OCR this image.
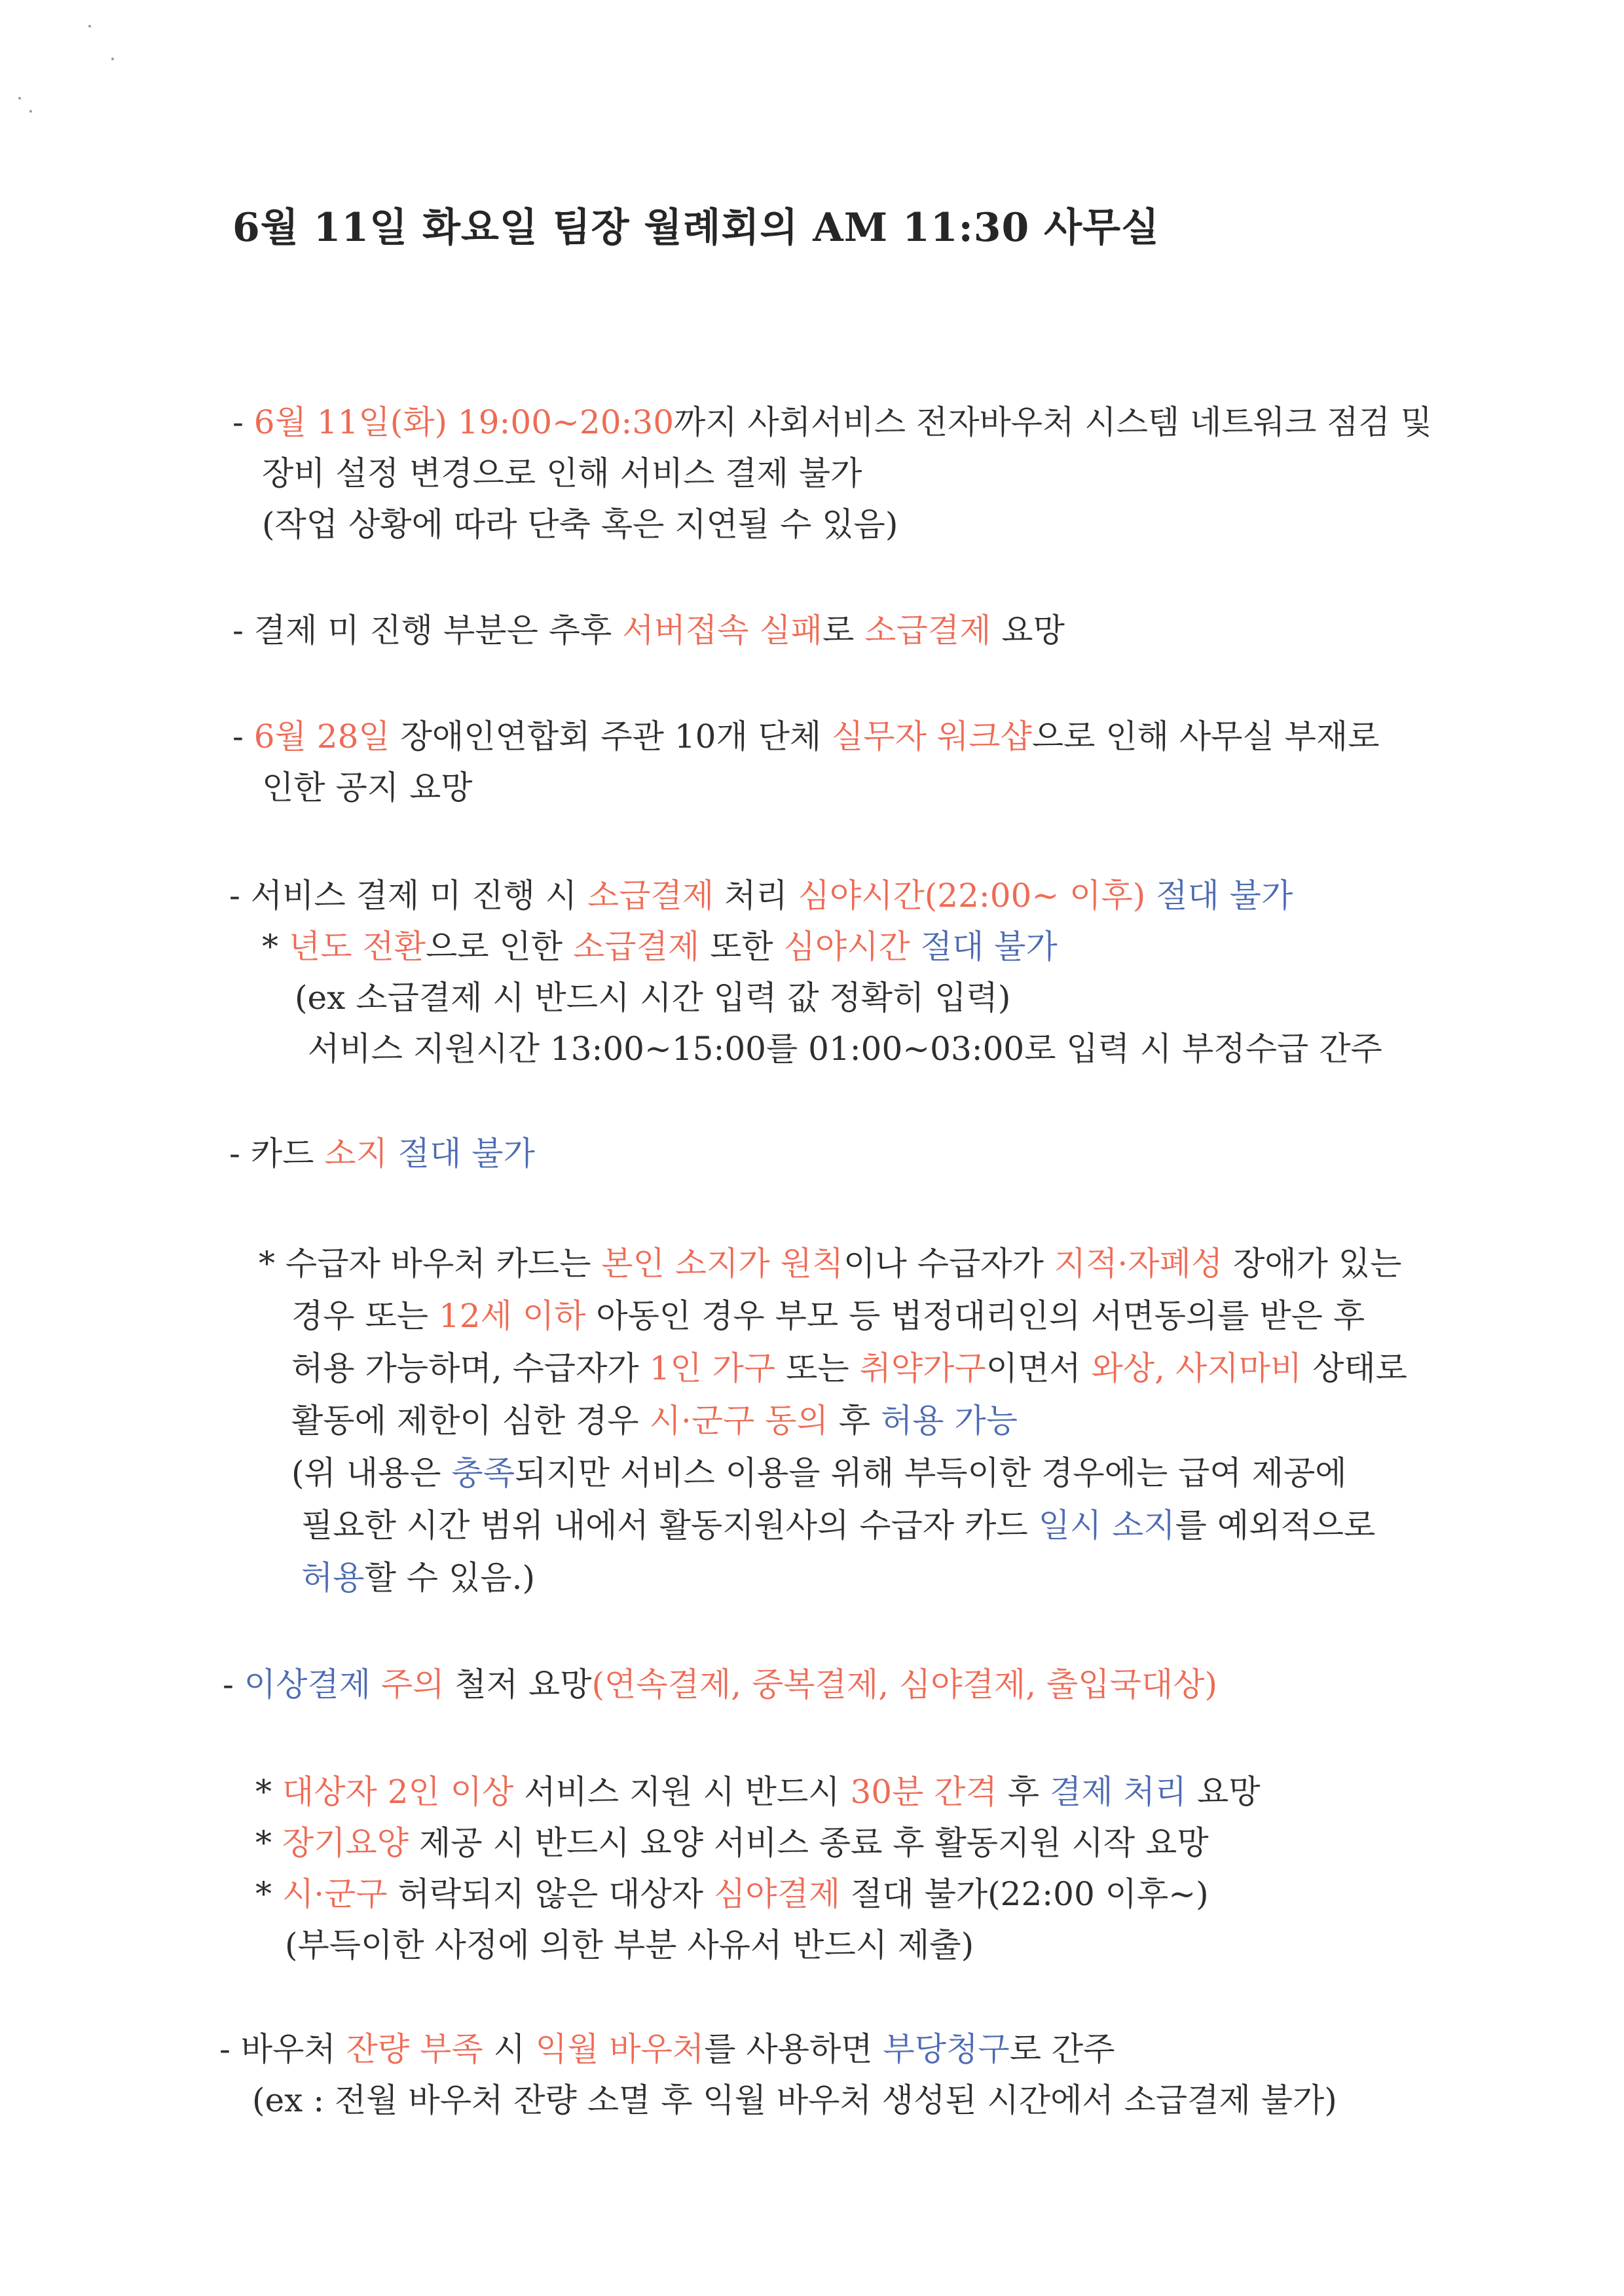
6월 11일 화요일 팀장 월례회의 AM 11:30 사무실
- 6월 11일(화) 19:00~20:30까지 사회서비스 전자바우처 시스템 네트워크 점검 및
장비 설정 변경으로 인해 서비스 결제 불가
(작업 상황에 따라 단축 혹은 지연될 수 있음)
- 결제 미 진행 부분은 추후 서버접속 실패로 소급결제 요망
- 6월 28일 장애인연합회 주관 10개 단체 실무자 워크샵으로 인해 사무실 부재로
인한 공지 요망
- 서비스 결제 미 진행 시 소급결제 처리 심야시간(22:00~ 이후) 절대 불가
* 년도 전환으로 인한 소급결제 또한 심야시간 절대 불가
(ex 소급결제 시 반드시 시간 입력 값 정확히 입력)
서비스 지원시간 13:00~15:00를 01:00~03:00로 입력 시 부정수급 간주
- 카드 소지 절대 불가
* 수급자 바우처 카드는 본인 소지가 원칙이나 수급자가 지적·자폐성 장애가 있는
경우 또는 12세 이하 아동인 경우 부모 등 법정대리인의 서면동의를 받은 후
허용 가능하며, 수급자가 1인 가구 또는 취약가구이면서 와상, 사지마비 상태로
활동에 제한이 심한 경우 시·군구 동의 후 허용 가능
(위 내용은 충족되지만 서비스 이용을 위해 부득이한 경우에는 급여 제공에
필요한 시간 범위 내에서 활동지원사의 수급자 카드 일시 소지를 예외적으로
허용할 수 있음.)
- 이상결제 주의 철저 요망(연속결제, 중복결제, 심야결제, 출입국대상)
* 대상자 2인 이상 서비스 지원 시 반드시 30분 간격 후 결제 처리 요망
* 장기요양 제공 시 반드시 요양 서비스 종료 후 활동지원 시작 요망
* 시·군구 허락되지 않은 대상자 심야결제 절대 불가(22:00 이후~)
(부득이한 사정에 의한 부분 사유서 반드시 제출)
- 바우처 잔량 부족 시 익월 바우처를 사용하면 부당청구로 간주
(ex : 전월 바우처 잔량 소멸 후 익월 바우처 생성된 시간에서 소급결제 불가)
